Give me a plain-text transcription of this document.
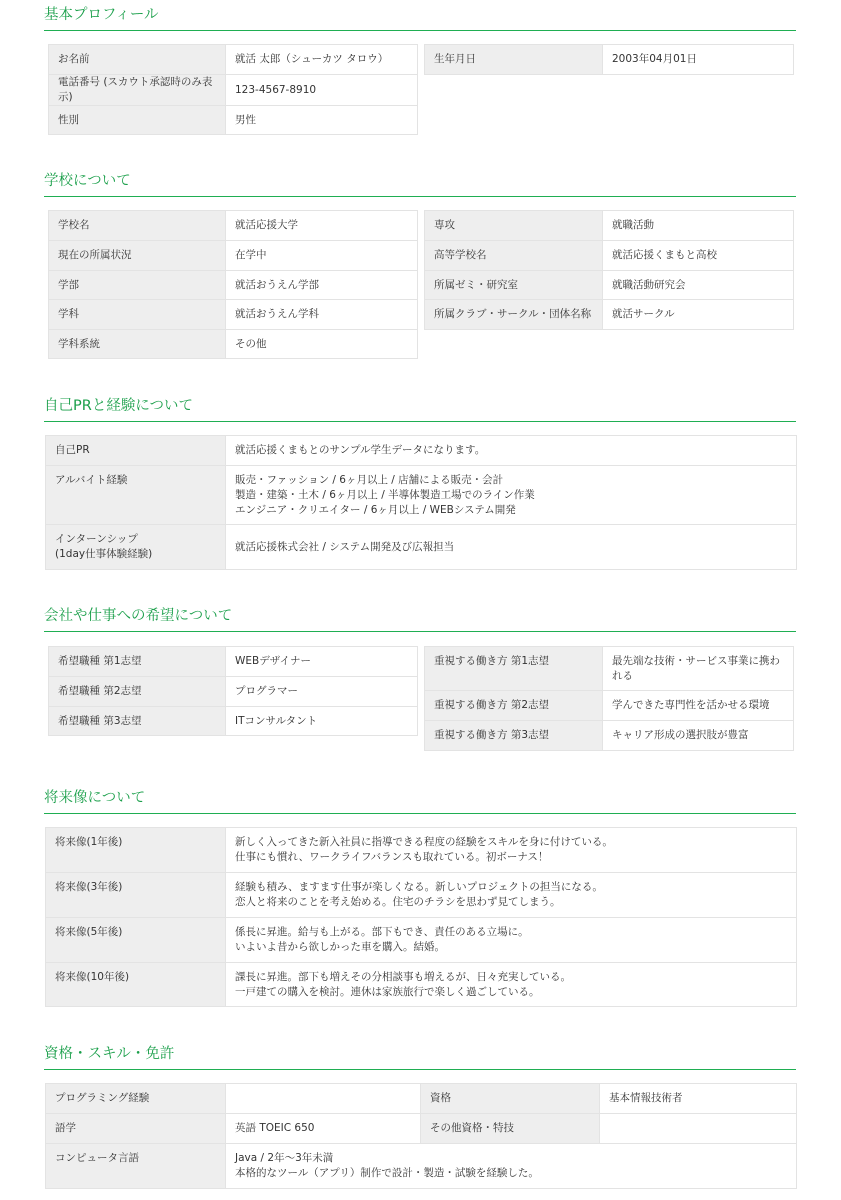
基本プロフィール
お名前	就活 太郎（シューカツ タロウ）
電話番号 (スカウト承認時のみ表示)	123-4567-8910
性別	男性
生年月日	2003年04月01日
学校について
学校名	就活応援大学
現在の所属状況	在学中
学部	就活おうえん学部
学科	就活おうえん学科
学科系統	その他
専攻	就職活動
高等学校名	就活応援くまもと高校
所属ゼミ・研究室	就職活動研究会
所属クラブ・サークル・団体名称	就活サークル
自己PRと経験について
自己PR	就活応援くまもとのサンプル学生データになります。
アルバイト経験	販売・ファッション / 6ヶ月以上 / 店舗による販売・会計
製造・建築・土木 / 6ヶ月以上 / 半導体製造工場でのライン作業
エンジニア・クリエイター / 6ヶ月以上 / WEBシステム開発
インターンシップ
(1day仕事体験経験)	就活応援株式会社 / システム開発及び広報担当
会社や仕事への希望について
希望職種 第1志望	WEBデザイナー
希望職種 第2志望	プログラマー
希望職種 第3志望	ITコンサルタント
重視する働き方 第1志望	最先端な技術・サービス事業に携われる
重視する働き方 第2志望	学んできた専門性を活かせる環境
重視する働き方 第3志望	キャリア形成の選択肢が豊富
将来像について
将来像(1年後)	新しく入ってきた新入社員に指導できる程度の経験をスキルを身に付けている。
仕事にも慣れ、ワークライフバランスも取れている。初ボーナス！
将来像(3年後)	経験も積み、ますます仕事が楽しくなる。新しいプロジェクトの担当になる。
恋人と将来のことを考え始める。住宅のチラシを思わず見てしまう。
将来像(5年後)	係長に昇進。給与も上がる。部下もでき、責任のある立場に。
いよいよ昔から欲しかった車を購入。結婚。
将来像(10年後)	課長に昇進。部下も増えその分相談事も増えるが、日々充実している。
一戸建ての購入を検討。連休は家族旅行で楽しく過ごしている。
資格・スキル・免許
プログラミング経験		資格	基本情報技術者
語学	英語 TOEIC 650	その他資格・特技	
コンピュータ言語	Java / 2年〜3年未満
本格的なツール（アプリ）制作で設計・製造・試験を経験した。		
